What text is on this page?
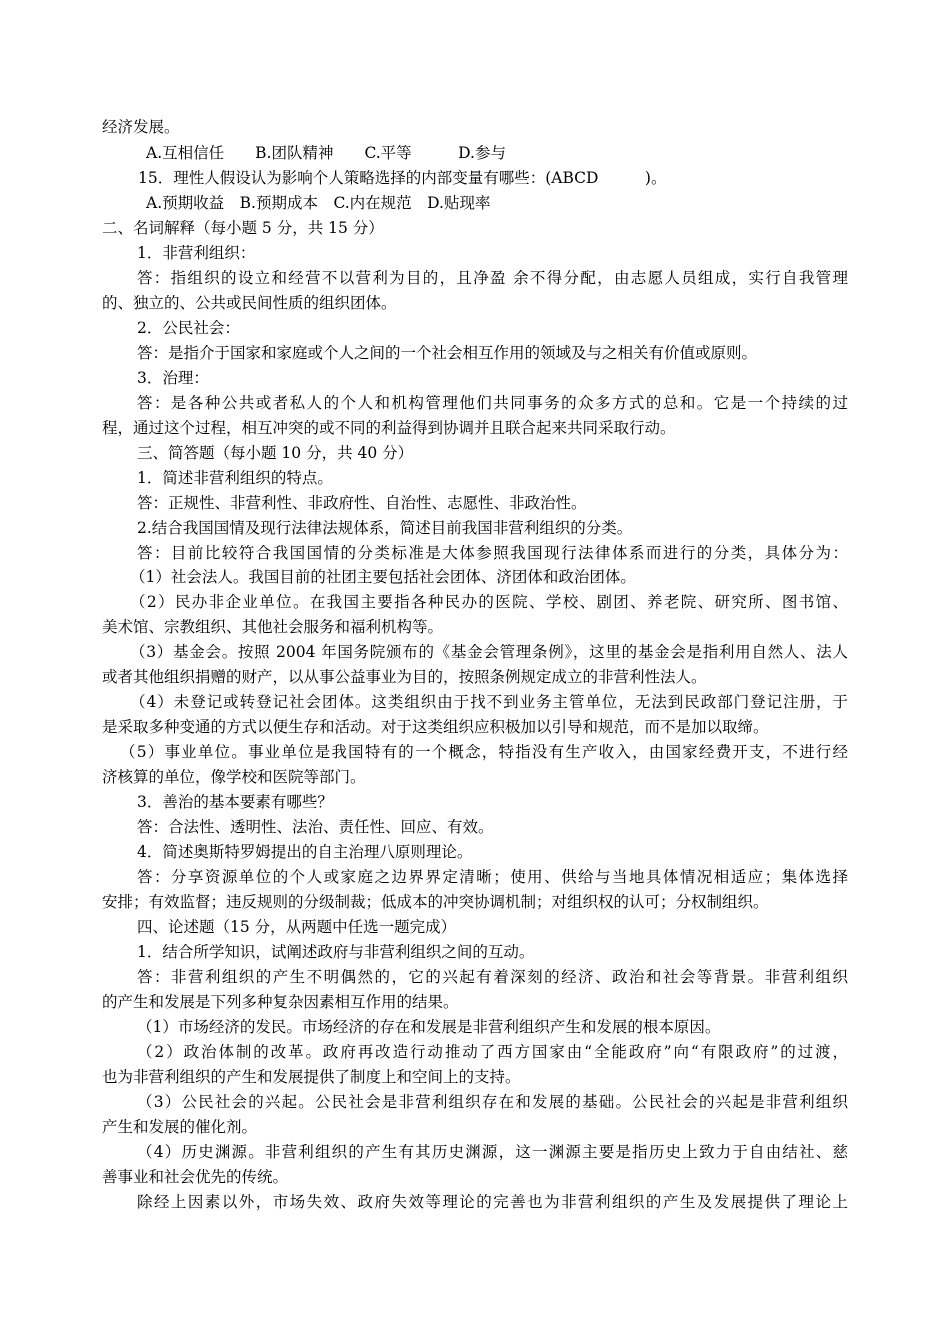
经济发展。
A.互相信任　　B.团队精神　　C.平等　　　D.参与
15．理性人假设认为影响个人策略选择的内部变量有哪些：(ABCD　　　)。
A.预期收益　B.预期成本　C.内在规范　D.贴现率
二、名词解释（每小题 5 分，共 15 分）
1．非营利组织：
答：指组织的设立和经营不以营利为目的，且净盈 余不得分配，由志愿人员组成，实行自我管理
的、独立的、公共或民间性质的组织团体。
2．公民社会：
答：是指介于国家和家庭或个人之间的一个社会相互作用的领域及与之相关有价值或原则。
3．治理：
答：是各种公共或者私人的个人和机构管理他们共同事务的众多方式的总和。它是一个持续的过
程，通过这个过程，相互冲突的或不同的利益得到协调并且联合起来共同采取行动。
三、简答题（每小题 10 分，共 40 分）
1．简述非营利组织的特点。
答：正规性、非营利性、非政府性、自治性、志愿性、非政治性。
2.结合我国国情及现行法律法规体系，简述目前我国非营利组织的分类。
答：目前比较符合我国国情的分类标准是大体参照我国现行法律体系而进行的分类，具体分为：
（1）社会法人。我国目前的社团主要包括社会团体、济团体和政治团体。
（2）民办非企业单位。在我国主要指各种民办的医院、学校、剧团、养老院、研究所、图书馆、
美术馆、宗教组织、其他社会服务和福利机构等。
（3）基金会。按照 2004 年国务院颁布的《基金会管理条例》，这里的基金会是指利用自然人、法人
或者其他组织捐赠的财产，以从事公益事业为目的，按照条例规定成立的非营利性法人。
（4）未登记或转登记社会团体。这类组织由于找不到业务主管单位，无法到民政部门登记注册，于
是采取多种变通的方式以便生存和活动。对于这类组织应积极加以引导和规范，而不是加以取缔。
（5）事业单位。事业单位是我国特有的一个概念，特指没有生产收入，由国家经费开支，不进行经
济核算的单位，像学校和医院等部门。
3．善治的基本要素有哪些？
答：合法性、透明性、法治、责任性、回应、有效。
4．简述奥斯特罗姆提出的自主治理八原则理论。
答：分享资源单位的个人或家庭之边界界定清晰；使用、供给与当地具体情况相适应；集体选择
安排；有效监督；违反规则的分级制裁；低成本的冲突协调机制；对组织权的认可；分权制组织。
四、论述题（15 分，从两题中任选一题完成）
1．结合所学知识，试阐述政府与非营利组织之间的互动。
答：非营利组织的产生不明偶然的，它的兴起有着深刻的经济、政治和社会等背景。非营利组织
的产生和发展是下列多种复杂因素相互作用的结果。
（1）市场经济的发民。市场经济的存在和发展是非营利组织产生和发展的根本原因。
（2）政治体制的改革。政府再改造行动推动了西方国家由“全能政府”向“有限政府”的过渡，
也为非营利组织的产生和发展提供了制度上和空间上的支持。
（3）公民社会的兴起。公民社会是非营利组织存在和发展的基础。公民社会的兴起是非营利组织
产生和发展的催化剂。
（4）历史渊源。非营利组织的产生有其历史渊源，这一渊源主要是指历史上致力于自由结社、慈
善事业和社会优先的传统。
除经上因素以外，市场失效、政府失效等理论的完善也为非营利组织的产生及发展提供了理论上
